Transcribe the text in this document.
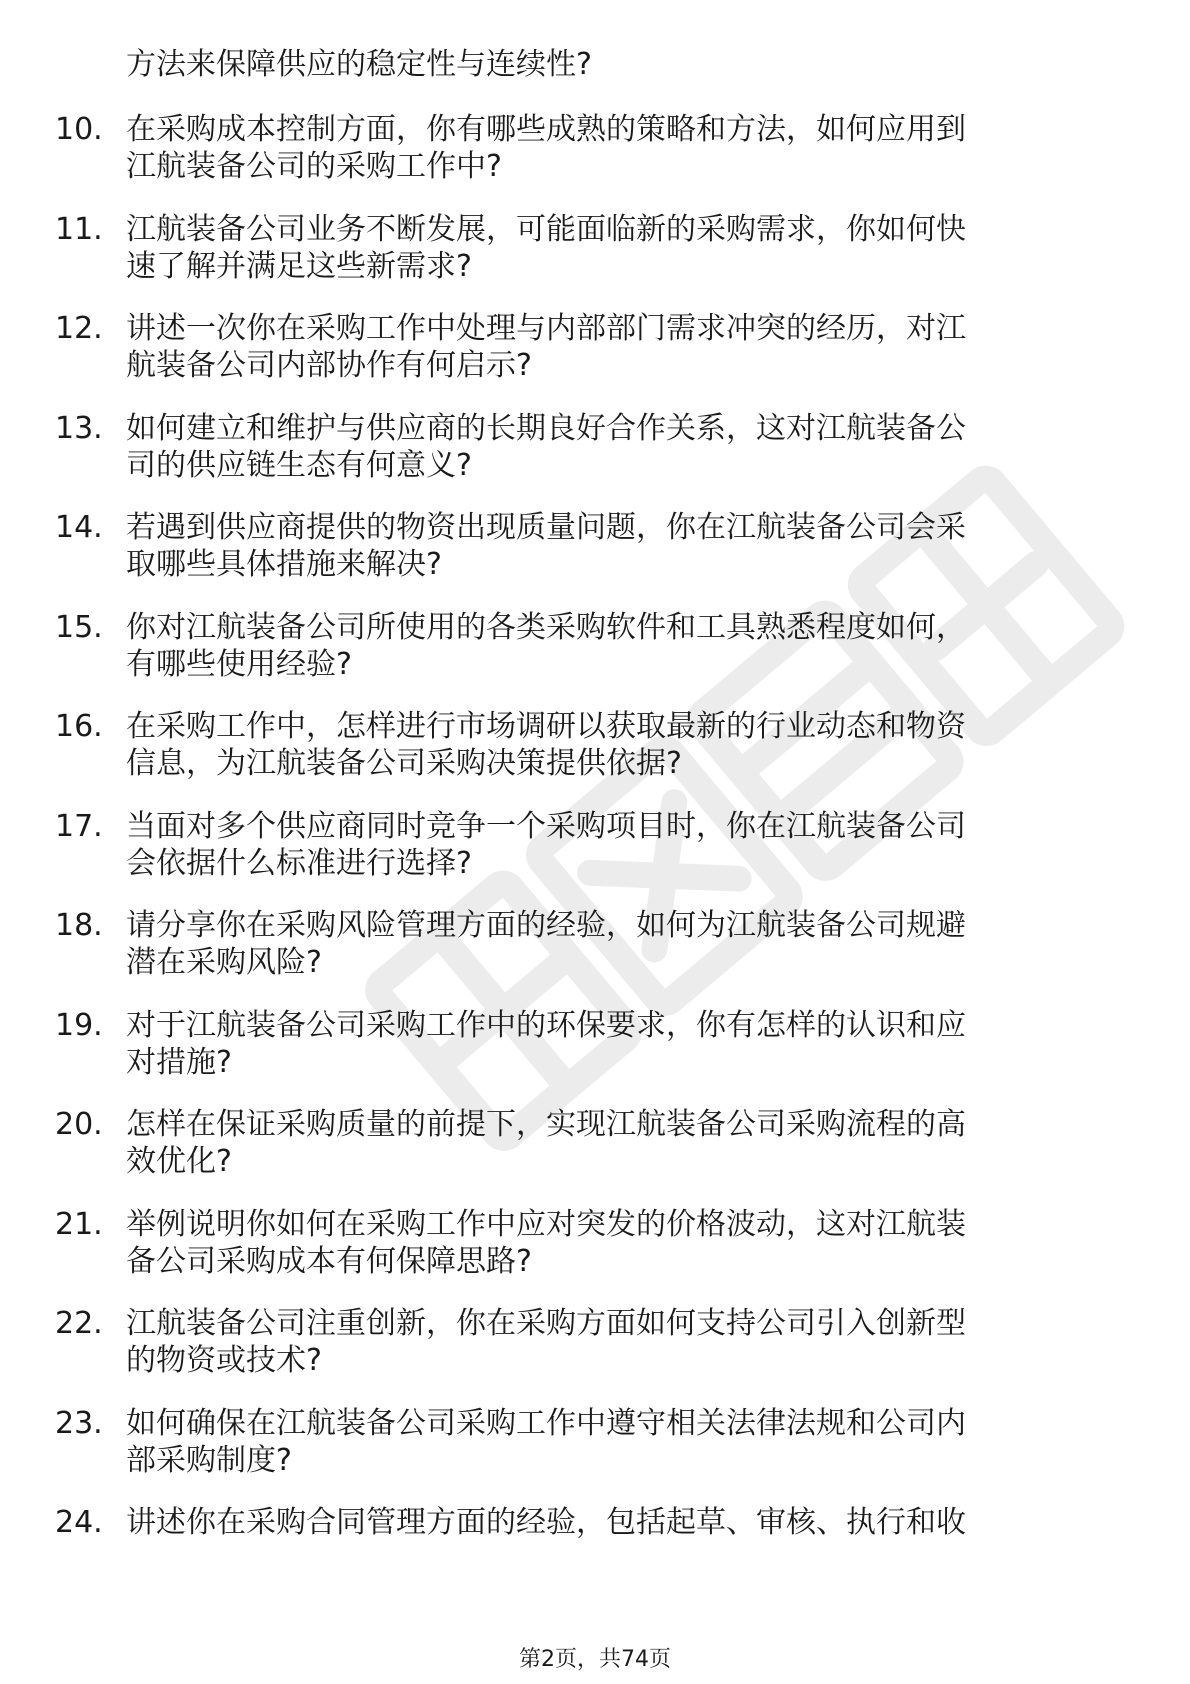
方法来保障供应的稳定性与连续性?
10. 在采购成本控制方面，你有哪些成熟的策略和方法，如何应用到
江航装备公司的采购工作中?
11. 江航装备公司业务不断发展，可能面临新的采购需求，你如何快
速了解并满足这些新需求?
12. 讲述一次你在采购工作中处理与内部部门需求冲突的经历，对江
航装备公司内部协作有何启示?
13. 如何建立和维护与供应商的长期良好合作关系，这对江航装备公
司的供应链生态有何意义?
14. 若遇到供应商提供的物资出现质量问题，你在江航装备公司会采
取哪些具体措施来解决?
15. 你对江航装备公司所使用的各类采购软件和工具熟悉程度如何，
有哪些使用经验?
16. 在采购工作中，怎样进行市场调研以获取最新的行业动态和物资
信息，为江航装备公司采购决策提供依据?
17. 当面对多个供应商同时竞争一个采购项目时，你在江航装备公司
会依据什么标准进行选择?
18. 请分享你在采购风险管理方面的经验，如何为江航装备公司规避
潜在采购风险?
19. 对于江航装备公司采购工作中的环保要求，你有怎样的认识和应
对措施?
20. 怎样在保证采购质量的前提下，实现江航装备公司采购流程的高
效优化?
21. 举例说明你如何在采购工作中应对突发的价格波动，这对江航装
备公司采购成本有何保障思路?
22. 江航装备公司注重创新，你在采购方面如何支持公司引入创新型
的物资或技术?
23. 如何确保在江航装备公司采购工作中遵守相关法律法规和公司内
部采购制度?
24. 讲述你在采购合同管理方面的经验，包括起草、审核、执行和收
第2页，共74页
